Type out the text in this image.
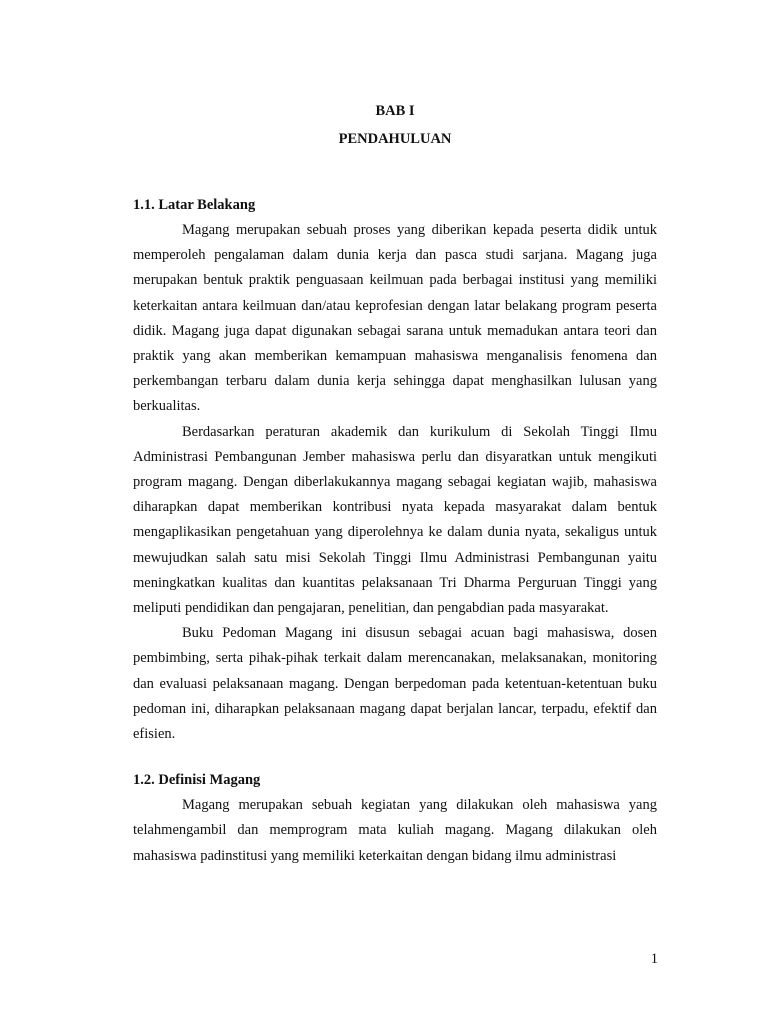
BAB I

PENDAHULUAN

1.1. Latar Belakang

Magang merupakan sebuah proses yang diberikan kepada peserta didik untuk memperoleh pengalaman dalam dunia kerja dan pasca studi sarjana. Magang juga merupakan bentuk praktik penguasaan keilmuan pada berbagai institusi yang memiliki keterkaitan antara keilmuan dan/atau keprofesian dengan latar belakang program peserta didik. Magang juga dapat digunakan sebagai sarana untuk memadukan antara teori dan praktik yang akan memberikan kemampuan mahasiswa menganalisis fenomena dan perkembangan terbaru dalam dunia kerja sehingga dapat menghasilkan lulusan yang berkualitas.

Berdasarkan peraturan akademik dan kurikulum di Sekolah Tinggi Ilmu Administrasi Pembangunan Jember mahasiswa perlu dan disyaratkan untuk mengikuti program magang. Dengan diberlakukannya magang sebagai kegiatan wajib, mahasiswa diharapkan dapat memberikan kontribusi nyata kepada masyarakat dalam bentuk mengaplikasikan pengetahuan yang diperolehnya ke dalam dunia nyata, sekaligus untuk mewujudkan salah satu misi Sekolah Tinggi Ilmu Administrasi Pembangunan yaitu meningkatkan kualitas dan kuantitas pelaksanaan Tri Dharma Perguruan Tinggi yang meliputi pendidikan dan pengajaran, penelitian, dan pengabdian pada masyarakat.

Buku Pedoman Magang ini disusun sebagai acuan bagi mahasiswa, dosen pembimbing, serta pihak-pihak terkait dalam merencanakan, melaksanakan, monitoring dan evaluasi pelaksanaan magang. Dengan berpedoman pada ketentuan-ketentuan buku pedoman ini, diharapkan pelaksanaan magang dapat berjalan lancar, terpadu, efektif dan efisien.

1.2. Definisi Magang

Magang merupakan sebuah kegiatan yang dilakukan oleh mahasiswa yang telahmengambil dan memprogram mata kuliah magang. Magang dilakukan oleh mahasiswa padinstitusi yang memiliki keterkaitan dengan bidang ilmu administrasi

1
